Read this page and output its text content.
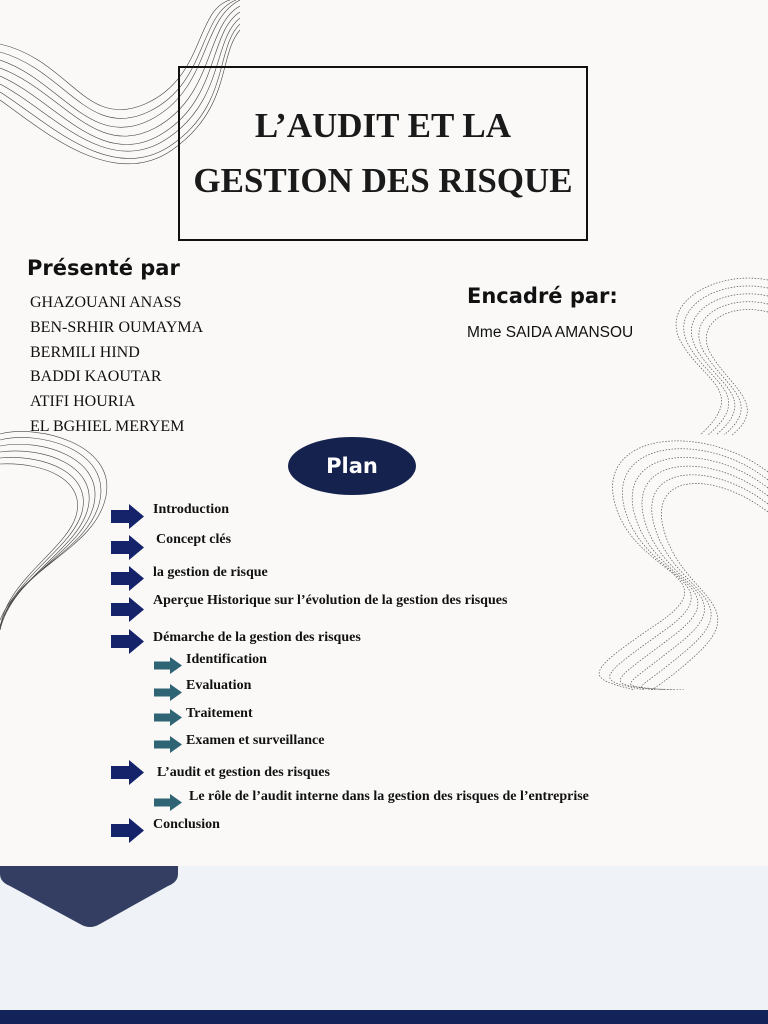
L’AUDIT ET LA
GESTION DES RISQUE
Présenté par
GHAZOUANI ANASS
BEN-SRHIR OUMAYMA
BERMILI HIND
BADDI KAOUTAR
ATIFI HOURIA
EL BGHIEL MERYEM
Encadré par:
Mme SAIDA AMANSOU
Plan
Introduction
Concept clés
la gestion de risque
Aperçue Historique sur l’évolution de la gestion des risques
Démarche de la gestion des risques
Identification
Evaluation
Traitement
Examen et surveillance
L’audit et gestion des risques
Le rôle de l’audit interne dans la gestion des risques de l’entreprise
Conclusion
